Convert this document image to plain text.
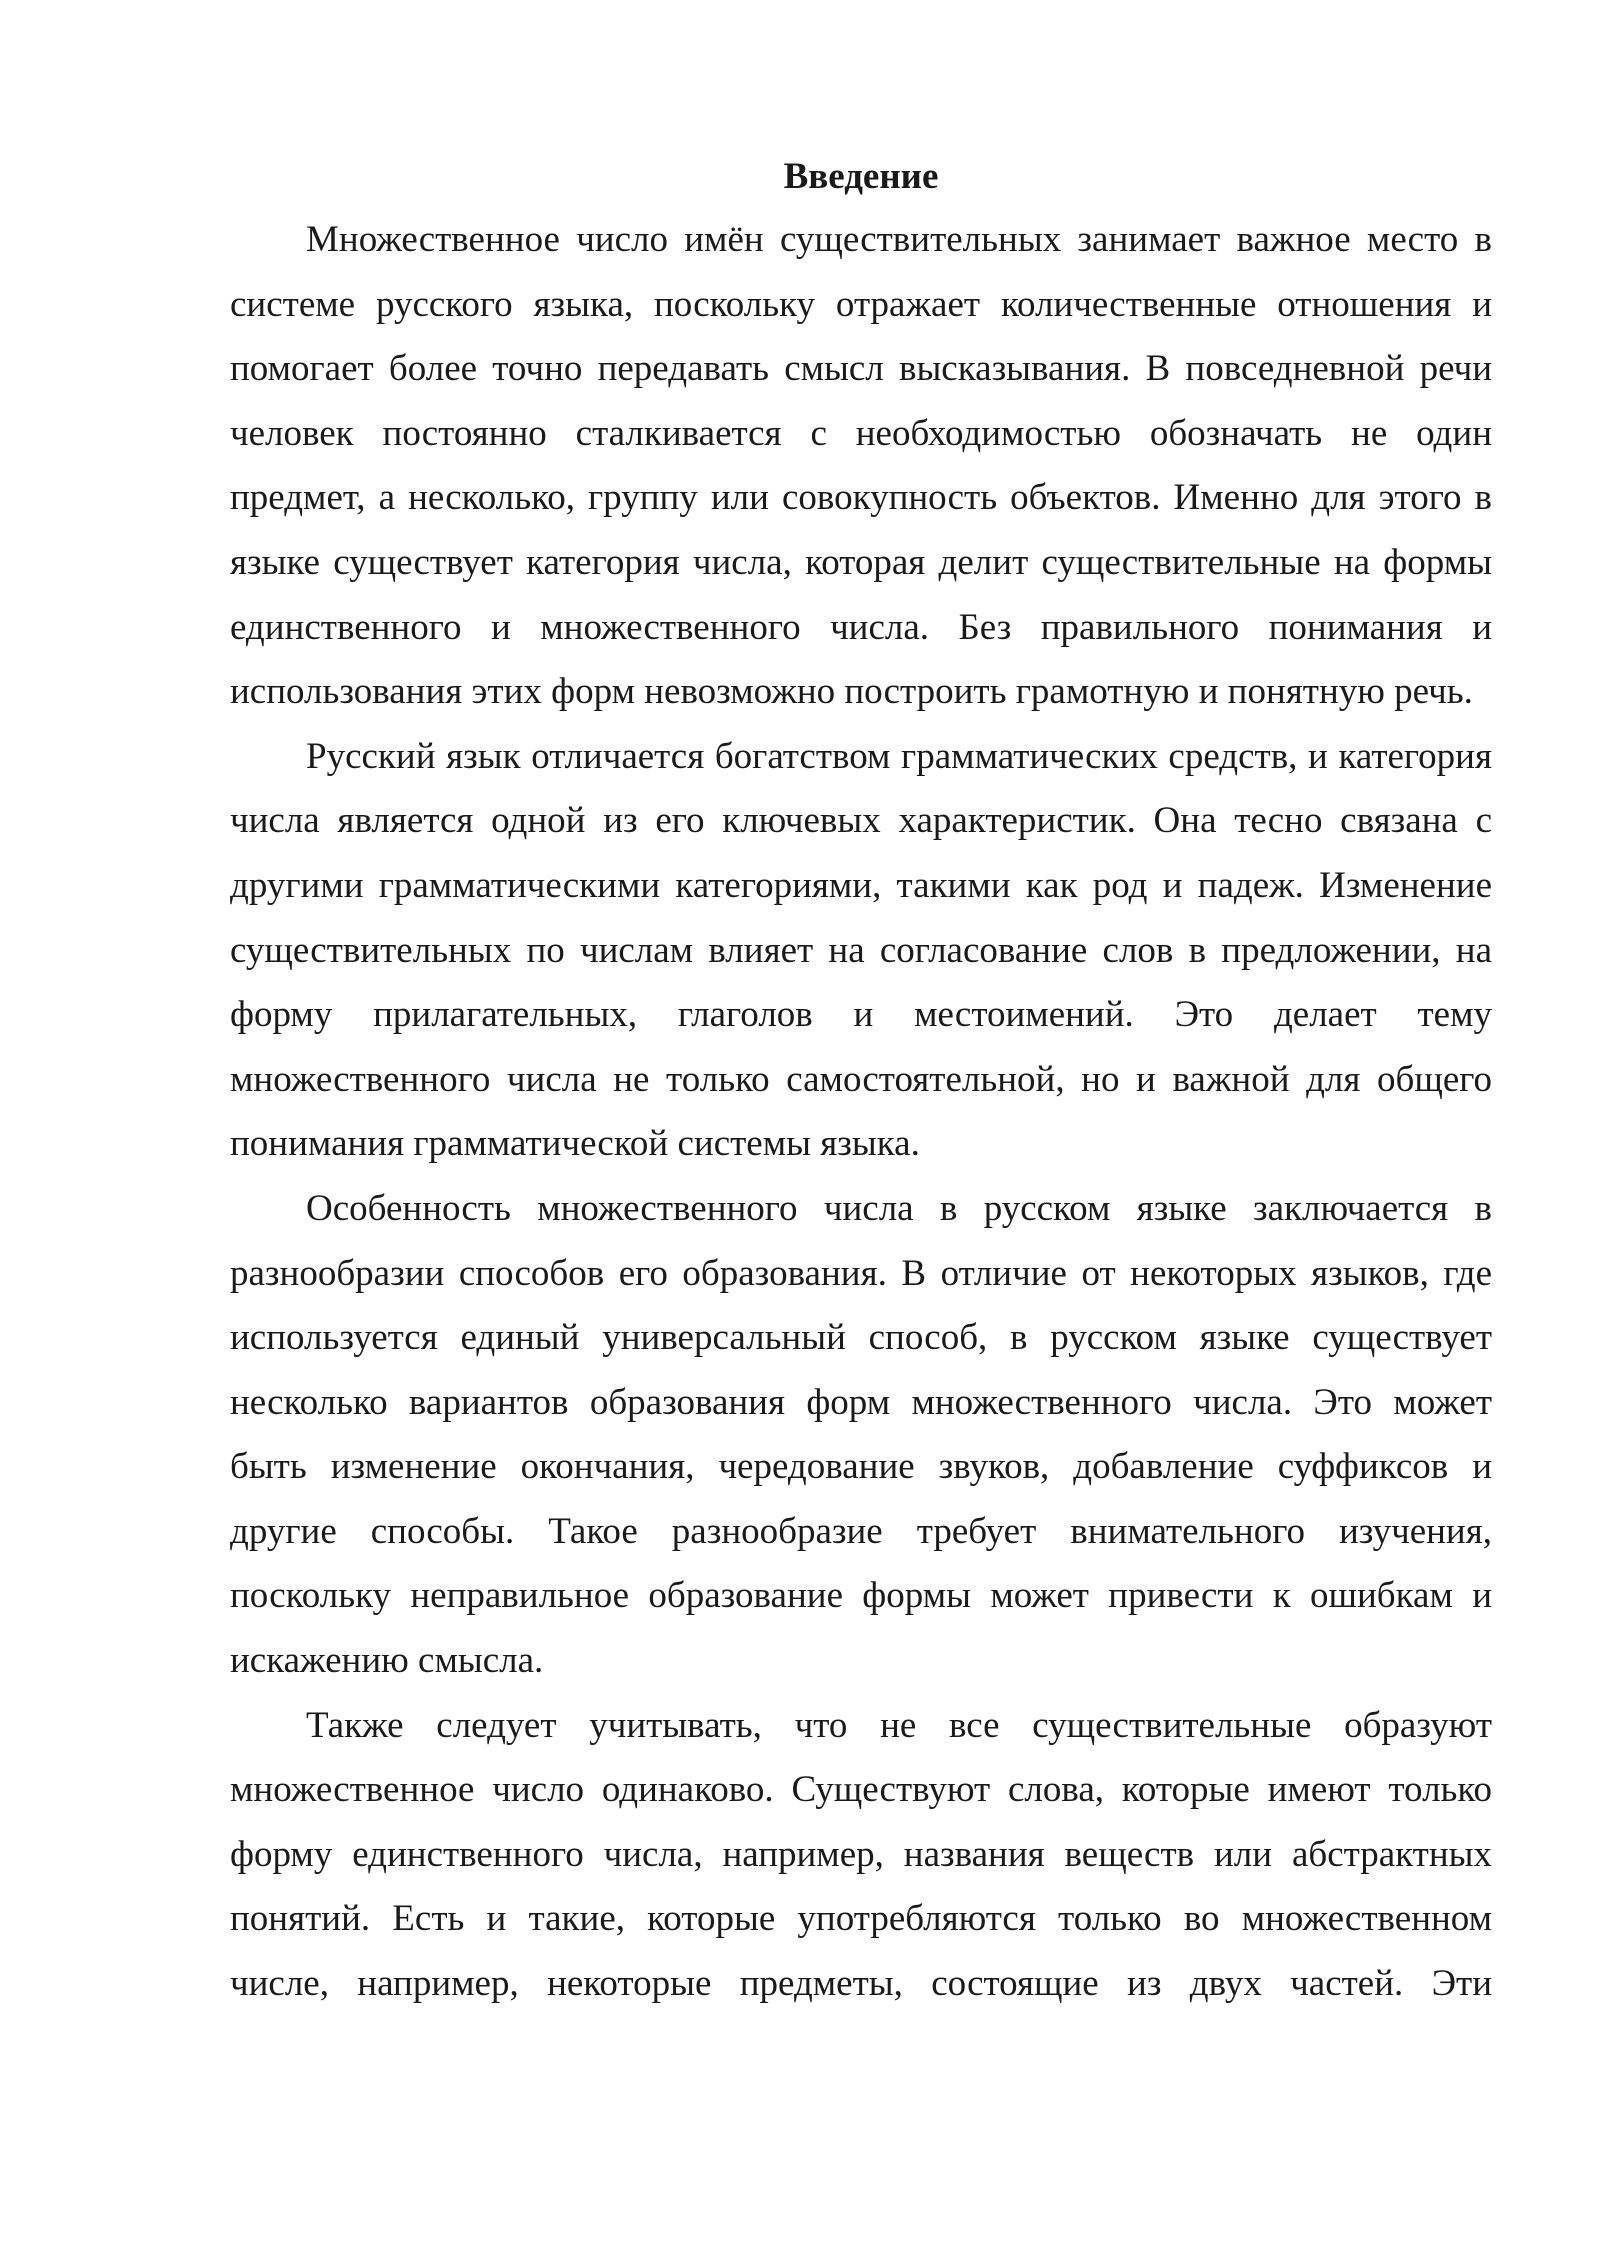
Введение

Множественное число имён существительных занимает важное место в системе русского языка, поскольку отражает количественные отношения и помогает более точно передавать смысл высказывания. В повседневной речи человек постоянно сталкивается с необходимостью обозначать не один предмет, а несколько, группу или совокупность объектов. Именно для этого в языке существует категория числа, которая делит существительные на формы единственного и множественного числа. Без правильного понимания и использования этих форм невозможно построить грамотную и понятную речь.

Русский язык отличается богатством грамматических средств, и категория числа является одной из его ключевых характеристик. Она тесно связана с другими грамматическими категориями, такими как род и падеж. Изменение существительных по числам влияет на согласование слов в предложении, на форму прилагательных, глаголов и местоимений. Это делает тему множественного числа не только самостоятельной, но и важной для общего понимания грамматической системы языка.

Особенность множественного числа в русском языке заключается в разнообразии способов его образования. В отличие от некоторых языков, где используется единый универсальный способ, в русском языке существует несколько вариантов образования форм множественного числа. Это может быть изменение окончания, чередование звуков, добавление суффиксов и другие способы. Такое разнообразие требует внимательного изучения, поскольку неправильное образование формы может привести к ошибкам и искажению смысла.

Также следует учитывать, что не все существительные образуют множественное число одинаково. Существуют слова, которые имеют только форму единственного числа, например, названия веществ или абстрактных понятий. Есть и такие, которые употребляются только во множественном числе, например, некоторые предметы, состоящие из двух частей. Эти
